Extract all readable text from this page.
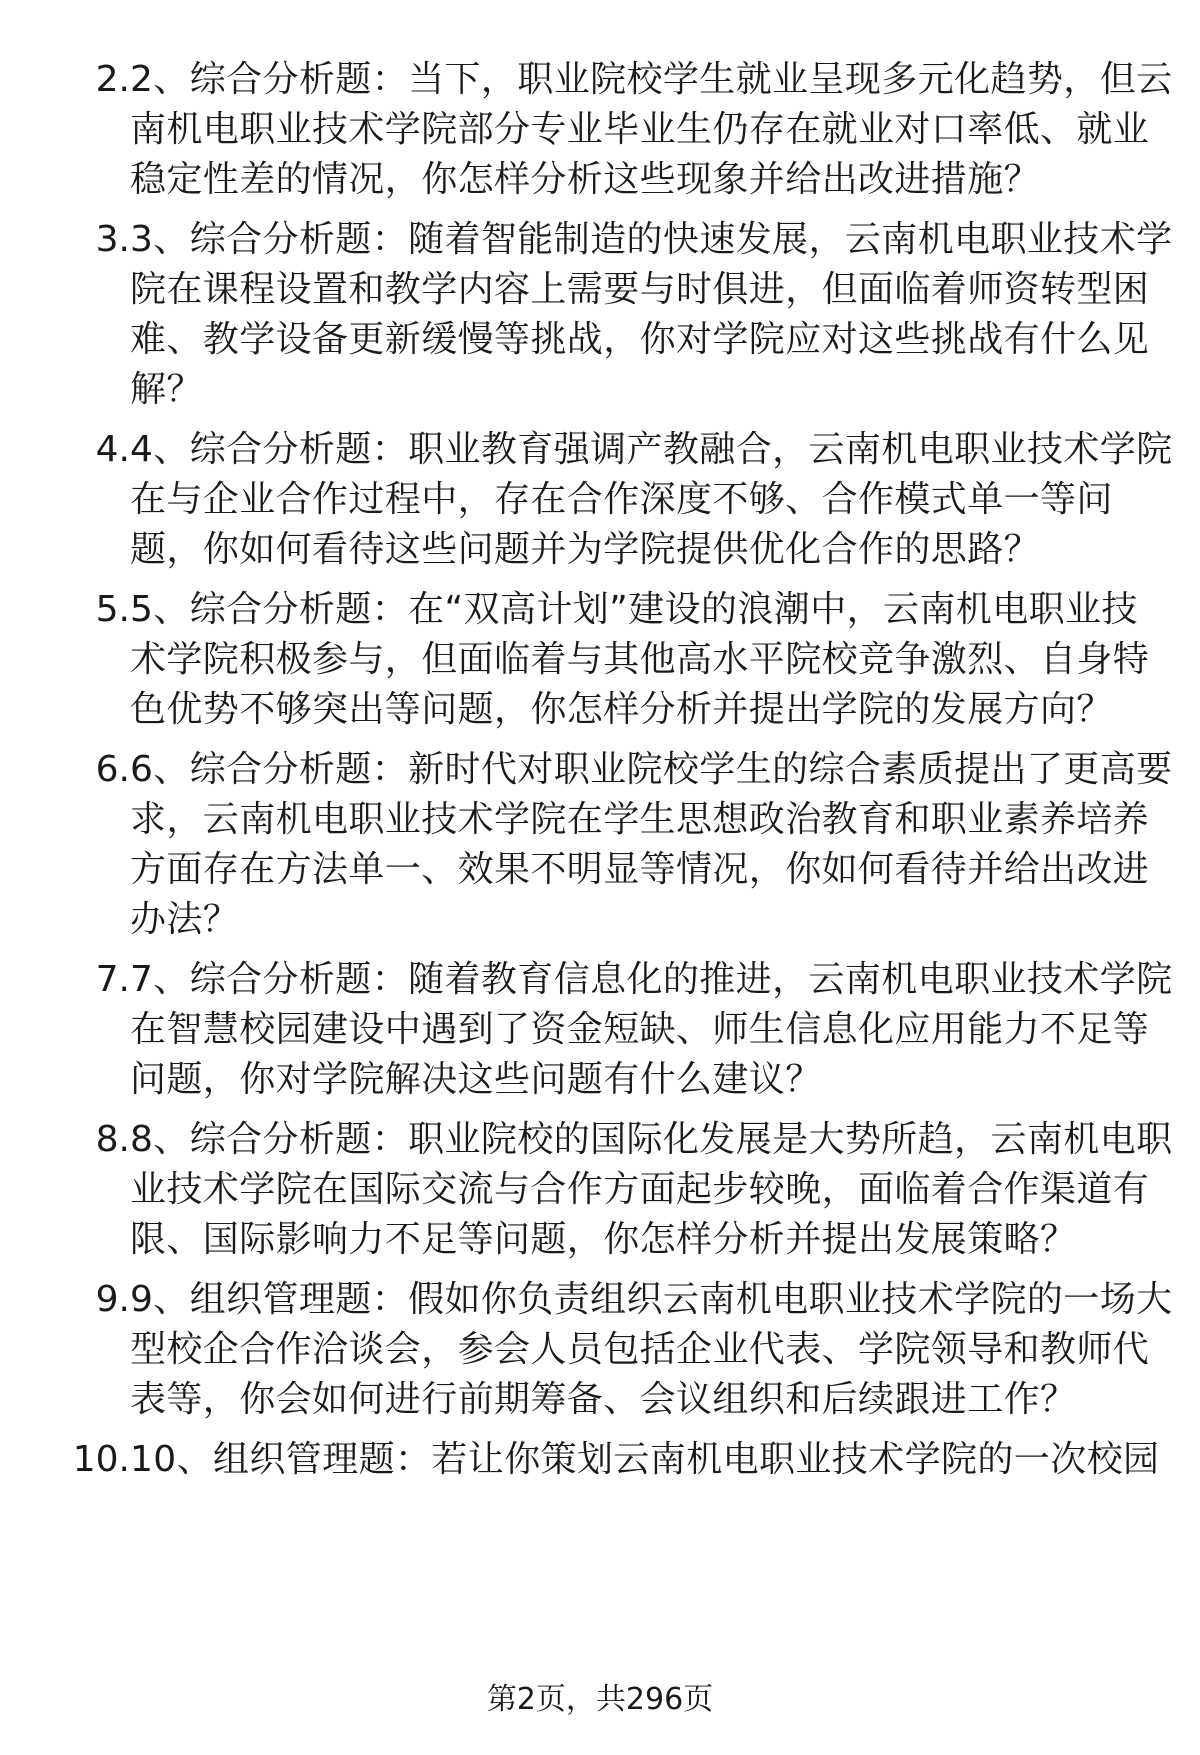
2. 2、综合分析题：当下，职业院校学生就业呈现多元化趋势，但云
南机电职业技术学院部分专业毕业生仍存在就业对口率低、就业
稳定性差的情况，你怎样分析这些现象并给出改进措施？
3. 3、综合分析题：随着智能制造的快速发展，云南机电职业技术学
院在课程设置和教学内容上需要与时俱进，但面临着师资转型困
难、教学设备更新缓慢等挑战，你对学院应对这些挑战有什么见
解？
4. 4、综合分析题：职业教育强调产教融合，云南机电职业技术学院
在与企业合作过程中，存在合作深度不够、合作模式单一等问
题，你如何看待这些问题并为学院提供优化合作的思路？
5. 5、综合分析题：在“双高计划”建设的浪潮中，云南机电职业技
术学院积极参与，但面临着与其他高水平院校竞争激烈、自身特
色优势不够突出等问题，你怎样分析并提出学院的发展方向？
6. 6、综合分析题：新时代对职业院校学生的综合素质提出了更高要
求，云南机电职业技术学院在学生思想政治教育和职业素养培养
方面存在方法单一、效果不明显等情况，你如何看待并给出改进
办法？
7. 7、综合分析题：随着教育信息化的推进，云南机电职业技术学院
在智慧校园建设中遇到了资金短缺、师生信息化应用能力不足等
问题，你对学院解决这些问题有什么建议？
8. 8、综合分析题：职业院校的国际化发展是大势所趋，云南机电职
业技术学院在国际交流与合作方面起步较晚，面临着合作渠道有
限、国际影响力不足等问题，你怎样分析并提出发展策略？
9. 9、组织管理题：假如你负责组织云南机电职业技术学院的一场大
型校企合作洽谈会，参会人员包括企业代表、学院领导和教师代
表等，你会如何进行前期筹备、会议组织和后续跟进工作？
10. 10、组织管理题：若让你策划云南机电职业技术学院的一次校园
第2页，共296页
